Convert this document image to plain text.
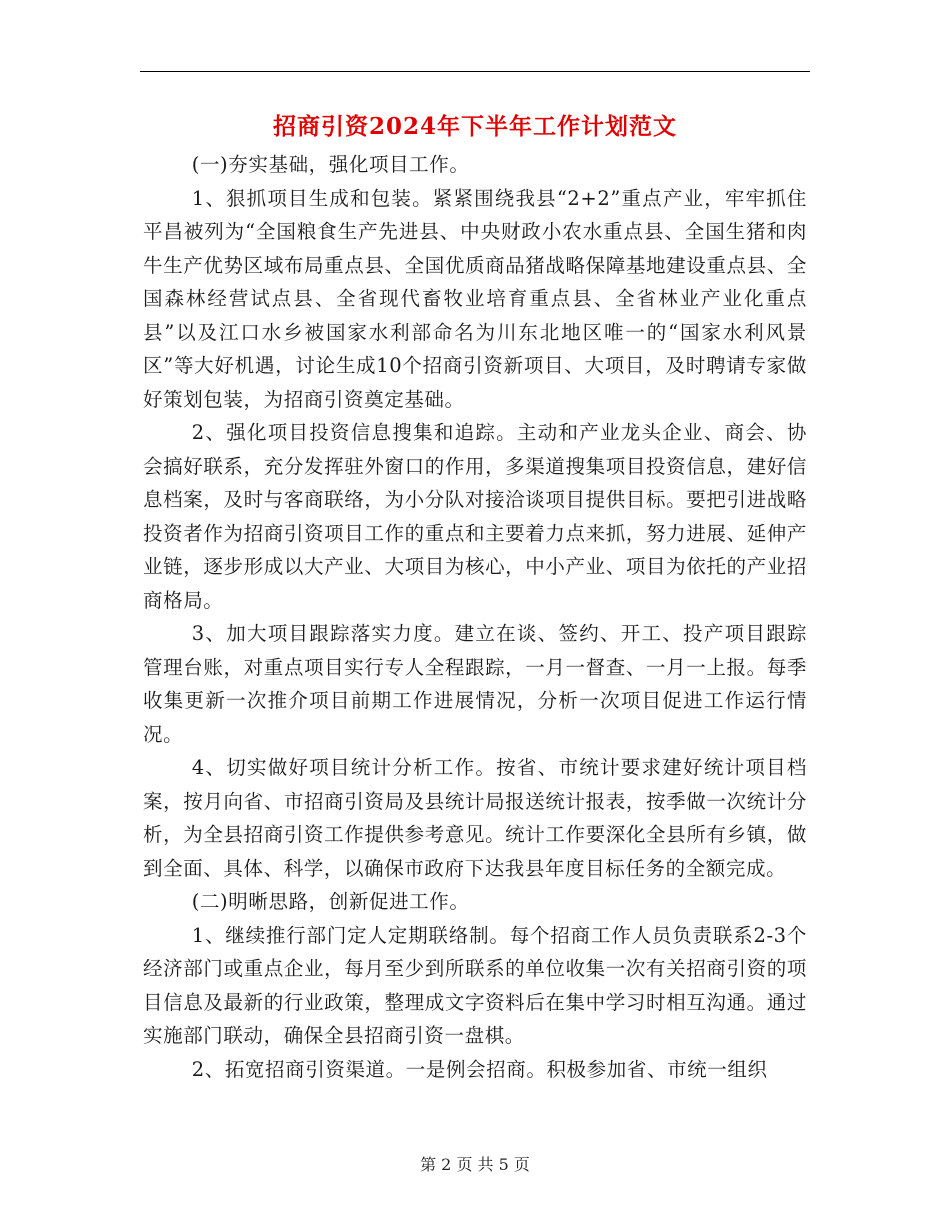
招商引资2024年下半年工作计划范文

(一)夯实基础，强化项目工作。

1、狠抓项目生成和包装。紧紧围绕我县“2+2”重点产业，牢牢抓住平昌被列为“全国粮食生产先进县、中央财政小农水重点县、全国生猪和肉牛生产优势区域布局重点县、全国优质商品猪战略保障基地建设重点县、全国森林经营试点县、全省现代畜牧业培育重点县、全省林业产业化重点县”以及江口水乡被国家水利部命名为川东北地区唯一的“国家水利风景区”等大好机遇，讨论生成10个招商引资新项目、大项目，及时聘请专家做好策划包装，为招商引资奠定基础。

2、强化项目投资信息搜集和追踪。主动和产业龙头企业、商会、协会搞好联系，充分发挥驻外窗口的作用，多渠道搜集项目投资信息，建好信息档案，及时与客商联络，为小分队对接洽谈项目提供目标。要把引进战略投资者作为招商引资项目工作的重点和主要着力点来抓，努力进展、延伸产业链，逐步形成以大产业、大项目为核心，中小产业、项目为依托的产业招商格局。

3、加大项目跟踪落实力度。建立在谈、签约、开工、投产项目跟踪管理台账，对重点项目实行专人全程跟踪，一月一督查、一月一上报。每季收集更新一次推介项目前期工作进展情况，分析一次项目促进工作运行情况。

4、切实做好项目统计分析工作。按省、市统计要求建好统计项目档案，按月向省、市招商引资局及县统计局报送统计报表，按季做一次统计分析，为全县招商引资工作提供参考意见。统计工作要深化全县所有乡镇，做到全面、具体、科学，以确保市政府下达我县年度目标任务的全额完成。

(二)明晰思路，创新促进工作。

1、继续推行部门定人定期联络制。每个招商工作人员负责联系2-3个经济部门或重点企业，每月至少到所联系的单位收集一次有关招商引资的项目信息及最新的行业政策，整理成文字资料后在集中学习时相互沟通。通过实施部门联动，确保全县招商引资一盘棋。

2、拓宽招商引资渠道。一是例会招商。积极参加省、市统一组织

第 2 页 共 5 页
